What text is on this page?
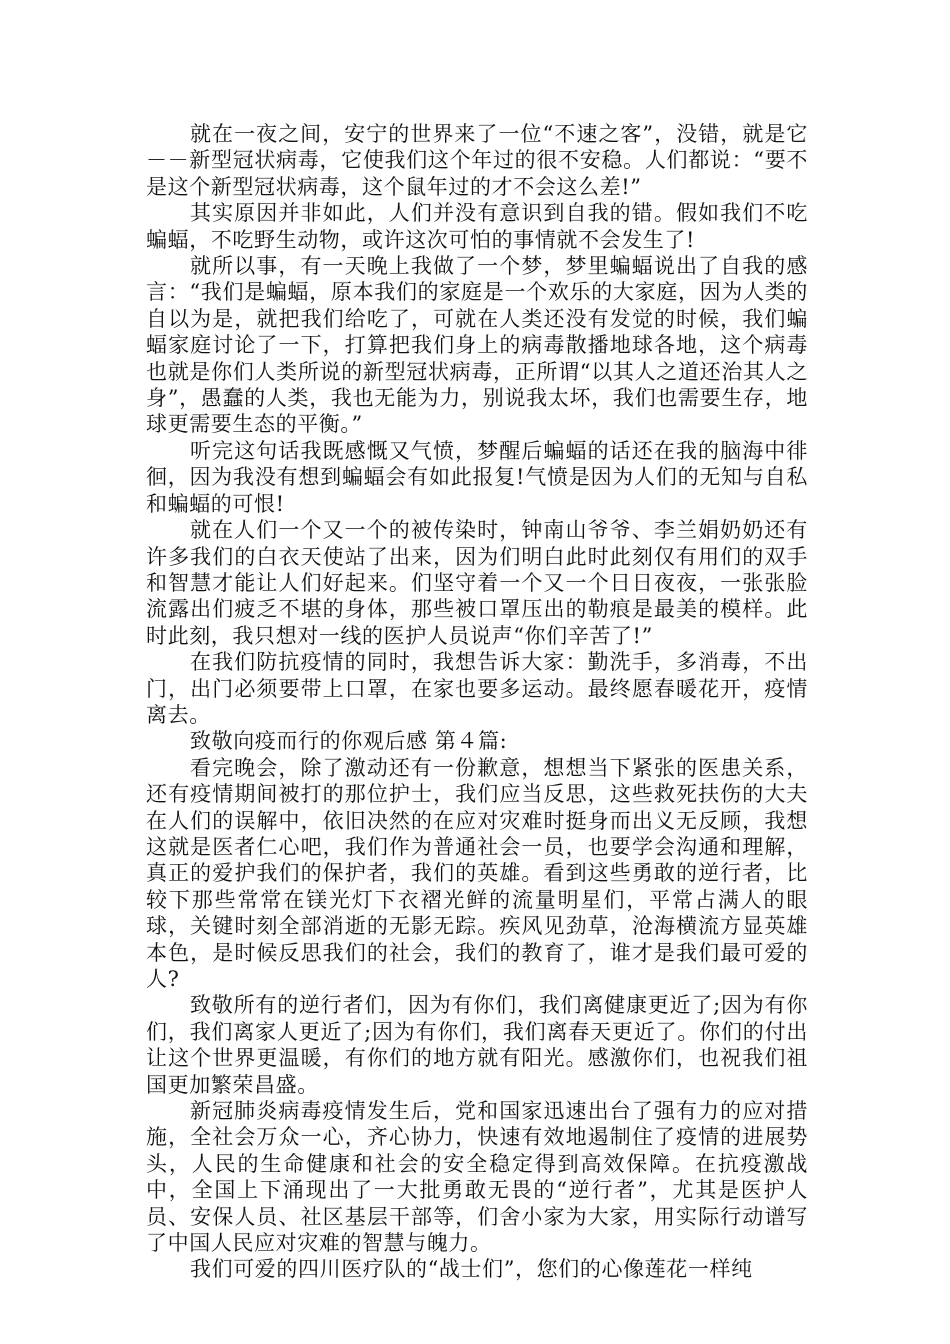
就在一夜之间，安宁的世界来了一位“不速之客”，没错，就是它－－新型冠状病毒，它使我们这个年过的很不安稳。人们都说：“要不是这个新型冠状病毒，这个鼠年过的才不会这么差!”

其实原因并非如此，人们并没有意识到自我的错。假如我们不吃蝙蝠，不吃野生动物，或许这次可怕的事情就不会发生了!

就所以事，有一天晚上我做了一个梦，梦里蝙蝠说出了自我的感言：“我们是蝙蝠，原本我们的家庭是一个欢乐的大家庭，因为人类的自以为是，就把我们给吃了，可就在人类还没有发觉的时候，我们蝙蝠家庭讨论了一下，打算把我们身上的病毒散播地球各地，这个病毒也就是你们人类所说的新型冠状病毒，正所谓“以其人之道还治其人之身”，愚蠢的人类，我也无能为力，别说我太坏，我们也需要生存，地球更需要生态的平衡。”

听完这句话我既感慨又气愤，梦醒后蝙蝠的话还在我的脑海中徘徊，因为我没有想到蝙蝠会有如此报复!气愤是因为人们的无知与自私和蝙蝠的可恨!

就在人们一个又一个的被传染时，钟南山爷爷、李兰娟奶奶还有许多我们的白衣天使站了出来，因为们明白此时此刻仅有用们的双手和智慧才能让人们好起来。们坚守着一个又一个日日夜夜，一张张脸流露出们疲乏不堪的身体，那些被口罩压出的勒痕是最美的模样。此时此刻，我只想对一线的医护人员说声“你们辛苦了!”

在我们防抗疫情的同时，我想告诉大家：勤洗手，多消毒，不出门，出门必须要带上口罩，在家也要多运动。最终愿春暖花开，疫情离去。

致敬向疫而行的你观后感 第４篇:

看完晚会，除了激动还有一份歉意，想想当下紧张的医患关系，还有疫情期间被打的那位护士，我们应当反思，这些救死扶伤的大夫在人们的误解中，依旧决然的在应对灾难时挺身而出义无反顾，我想这就是医者仁心吧，我们作为普通社会一员，也要学会沟通和理解，真正的爱护我们的保护者，我们的英雄。看到这些勇敢的逆行者，比较下那些常常在镁光灯下衣褶光鲜的流量明星们，平常占满人的眼球，关键时刻全部消逝的无影无踪。疾风见劲草，沧海横流方显英雄本色，是时候反思我们的社会，我们的教育了，谁才是我们最可爱的人?

致敬所有的逆行者们，因为有你们，我们离健康更近了;因为有你们，我们离家人更近了;因为有你们，我们离春天更近了。你们的付出让这个世界更温暖，有你们的地方就有阳光。感激你们，也祝我们祖国更加繁荣昌盛。

新冠肺炎病毒疫情发生后，党和国家迅速出台了强有力的应对措施，全社会万众一心，齐心协力，快速有效地遏制住了疫情的进展势头，人民的生命健康和社会的安全稳定得到高效保障。在抗疫激战中，全国上下涌现出了一大批勇敢无畏的“逆行者”，尤其是医护人员、安保人员、社区基层干部等，们舍小家为大家，用实际行动谱写了中国人民应对灾难的智慧与魄力。

我们可爱的四川医疗队的“战士们”，您们的心像莲花一样纯
